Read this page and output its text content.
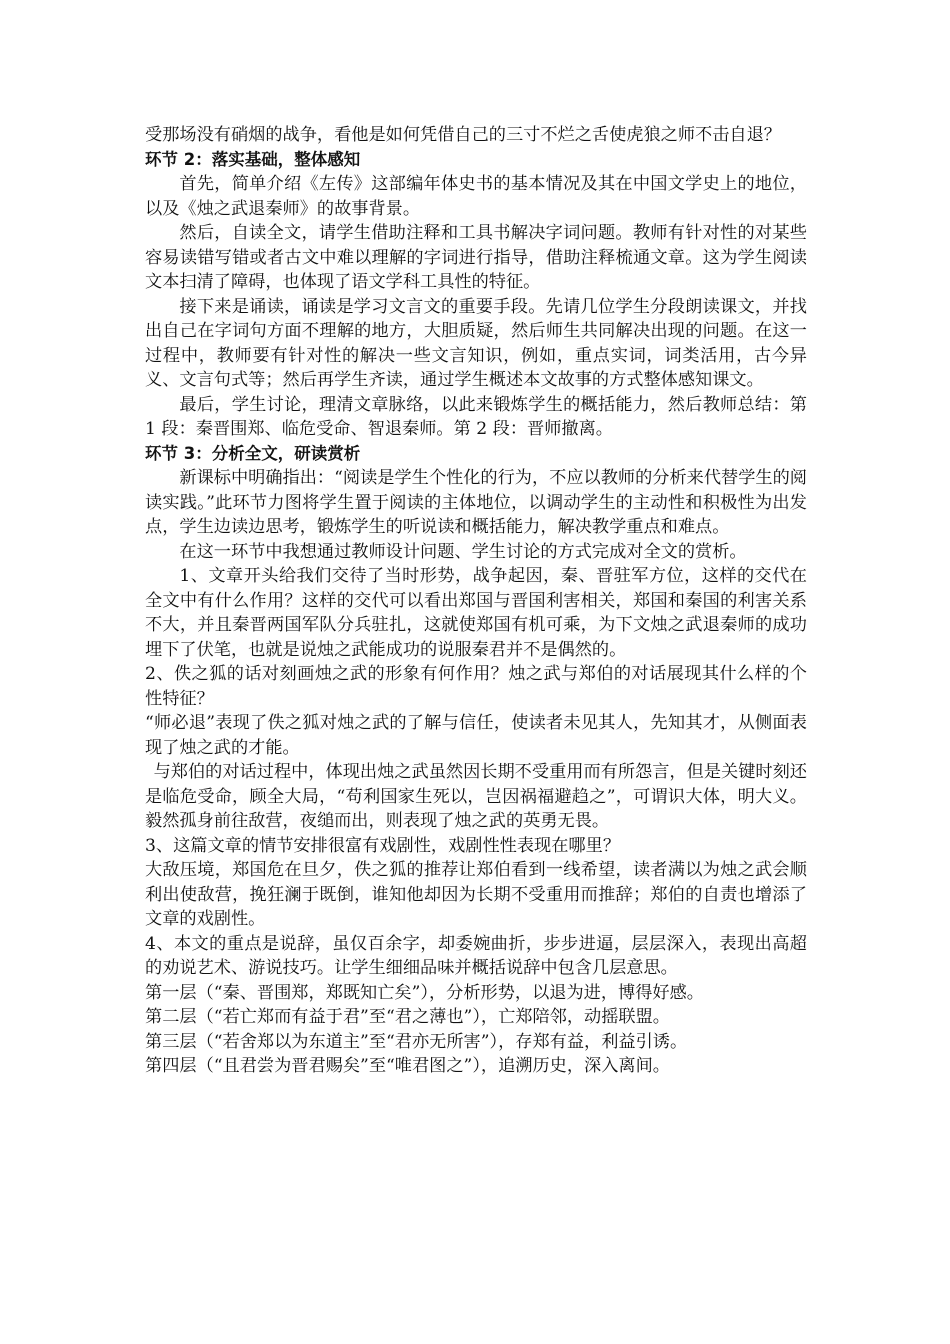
受那场没有硝烟的战争，看他是如何凭借自己的三寸不烂之舌使虎狼之师不击自退？

环节 2：落实基础，整体感知

首先，简单介绍《左传》这部编年体史书的基本情况及其在中国文学史上的地位，以及《烛之武退秦师》的故事背景。

然后，自读全文，请学生借助注释和工具书解决字词问题。教师有针对性的对某些容易读错写错或者古文中难以理解的字词进行指导，借助注释梳通文章。这为学生阅读文本扫清了障碍，也体现了语文学科工具性的特征。

接下来是诵读，诵读是学习文言文的重要手段。先请几位学生分段朗读课文，并找出自己在字词句方面不理解的地方，大胆质疑，然后师生共同解决出现的问题。在这一过程中，教师要有针对性的解决一些文言知识，例如，重点实词，词类活用，古今异义、文言句式等；然后再学生齐读，通过学生概述本文故事的方式整体感知课文。

最后，学生讨论，理清文章脉络，以此来锻炼学生的概括能力，然后教师总结：第 1 段：秦晋围郑、临危受命、智退秦师。第 2 段：晋师撤离。

环节 3：分析全文，研读赏析

新课标中明确指出：“阅读是学生个性化的行为，不应以教师的分析来代替学生的阅读实践。”此环节力图将学生置于阅读的主体地位，以调动学生的主动性和积极性为出发点，学生边读边思考，锻炼学生的听说读和概括能力，解决教学重点和难点。

在这一环节中我想通过教师设计问题、学生讨论的方式完成对全文的赏析。

1、文章开头给我们交待了当时形势，战争起因，秦、晋驻军方位，这样的交代在全文中有什么作用？这样的交代可以看出郑国与晋国利害相关，郑国和秦国的利害关系不大，并且秦晋两国军队分兵驻扎，这就使郑国有机可乘，为下文烛之武退秦师的成功埋下了伏笔，也就是说烛之武能成功的说服秦君并不是偶然的。

2、佚之狐的话对刻画烛之武的形象有何作用？烛之武与郑伯的对话展现其什么样的个性特征？

“师必退”表现了佚之狐对烛之武的了解与信任，使读者未见其人，先知其才，从侧面表现了烛之武的才能。

与郑伯的对话过程中，体现出烛之武虽然因长期不受重用而有所怨言，但是关键时刻还是临危受命，顾全大局，“苟利国家生死以，岂因祸福避趋之”，可谓识大体，明大义。毅然孤身前往敌营，夜缒而出，则表现了烛之武的英勇无畏。

3、这篇文章的情节安排很富有戏剧性，戏剧性性表现在哪里？

大敌压境，郑国危在旦夕，佚之狐的推荐让郑伯看到一线希望，读者满以为烛之武会顺利出使敌营，挽狂澜于既倒，谁知他却因为长期不受重用而推辞；郑伯的自责也增添了文章的戏剧性。

4、本文的重点是说辞，虽仅百余字，却委婉曲折，步步进逼，层层深入，表现出高超的劝说艺术、游说技巧。让学生细细品味并概括说辞中包含几层意思。

第一层（“秦、晋围郑，郑既知亡矣”），分析形势，以退为进，博得好感。

第二层（“若亡郑而有益于君”至“君之薄也”），亡郑陪邻，动摇联盟。

第三层（“若舍郑以为东道主”至“君亦无所害”），存郑有益，利益引诱。

第四层（“且君尝为晋君赐矣”至“唯君图之”），追溯历史，深入离间。
